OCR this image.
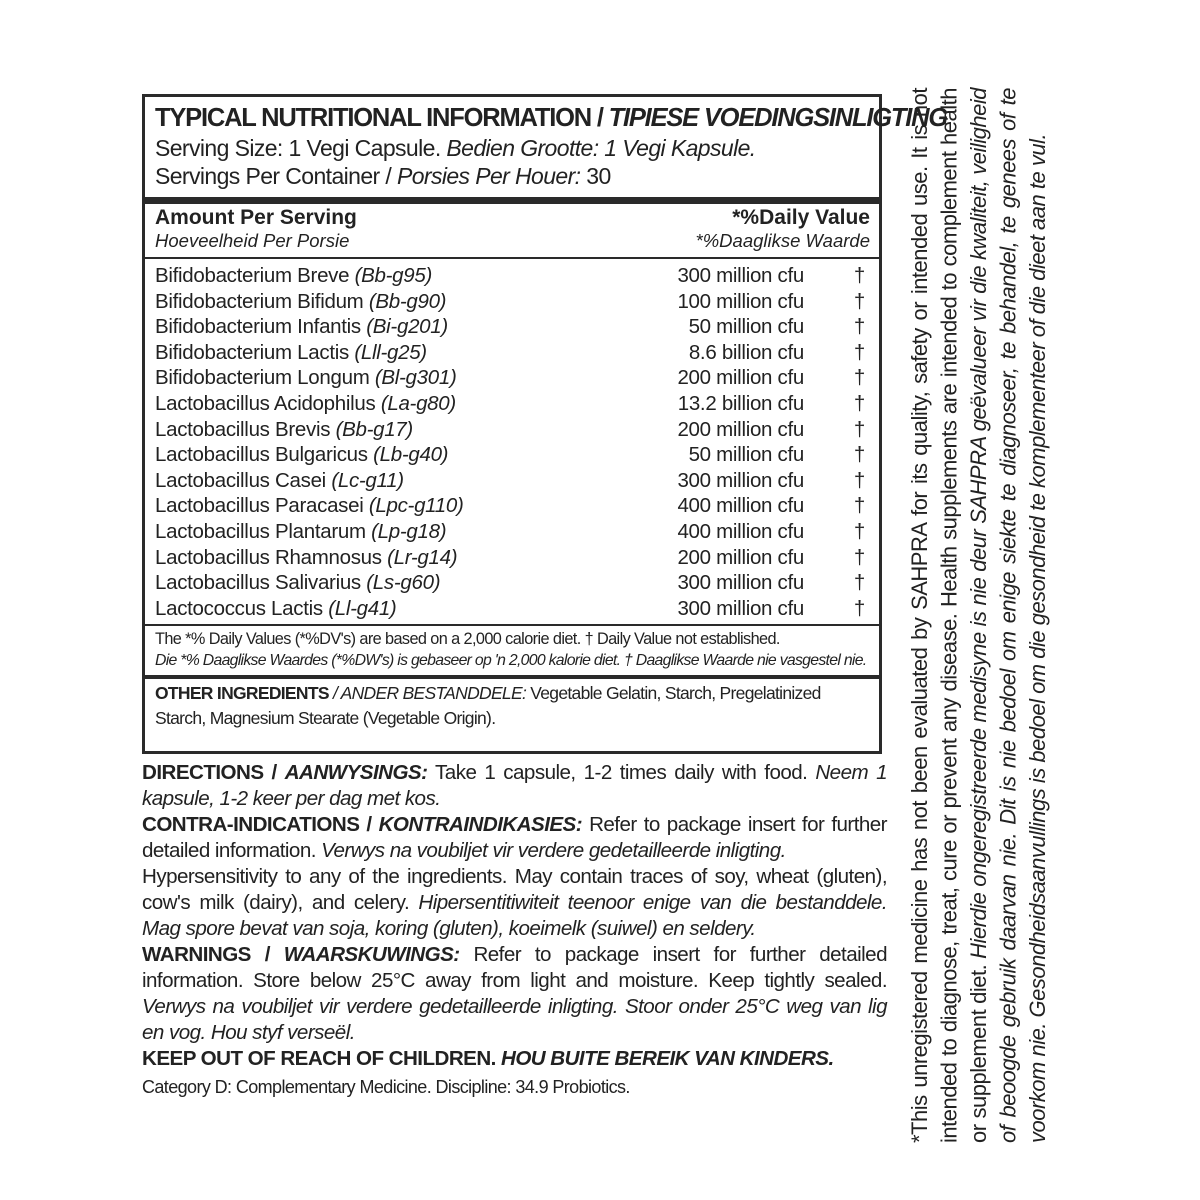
TYPICAL NUTRITIONAL INFORMATION / TIPIESE VOEDINGSINLIGTING
Serving Size: 1 Vegi Capsule. Bedien Grootte: 1 Vegi Kapsule.
Servings Per Container / Porsies Per Houer: 30
Amount Per Serving	*%Daily Value
Hoeveelheid Per Porsie	*%Daaglikse Waarde
Bifidobacterium Breve (Bb-g95)	300 million cfu †
Bifidobacterium Bifidum (Bb-g90)	100 million cfu †
Bifidobacterium Infantis (Bi-g201)	50 million cfu †
Bifidobacterium Lactis (Lll-g25)	8.6 billion cfu †
Bifidobacterium Longum (Bl-g301)	200 million cfu †
Lactobacillus Acidophilus (La-g80)	13.2 billion cfu †
Lactobacillus Brevis (Bb-g17)	200 million cfu †
Lactobacillus Bulgaricus (Lb-g40)	50 million cfu †
Lactobacillus Casei (Lc-g11)	300 million cfu †
Lactobacillus Paracasei (Lpc-g110)	400 million cfu †
Lactobacillus Plantarum (Lp-g18)	400 million cfu †
Lactobacillus Rhamnosus (Lr-g14)	200 million cfu †
Lactobacillus Salivarius (Ls-g60)	300 million cfu †
Lactococcus Lactis (Ll-g41)	300 million cfu †
The *% Daily Values (*%DV's) are based on a 2,000 calorie diet. † Daily Value not established.
Die *% Daaglikse Waardes (*%DW's) is gebaseer op 'n 2,000 kalorie diet. † Daaglikse Waarde nie vasgestel nie.
OTHER INGREDIENTS / ANDER BESTANDDELE: Vegetable Gelatin, Starch, Pregelatinized Starch, Magnesium Stearate (Vegetable Origin).

DIRECTIONS / AANWYSINGS: Take 1 capsule, 1-2 times daily with food. Neem 1 kapsule, 1-2 keer per dag met kos.

CONTRA-INDICATIONS / KONTRAINDIKASIES: Refer to package insert for further detailed information. Verwys na voubiljet vir verdere gedetailleerde inligting.

Hypersensitivity to any of the ingredients. May contain traces of soy, wheat (gluten), cow's milk (dairy), and celery. Hipersentitiwiteit teenoor enige van die bestanddele. Mag spore bevat van soja, koring (gluten), koeimelk (suiwel) en seldery.

WARNINGS / WAARSKUWINGS: Refer to package insert for further detailed information. Store below 25°C away from light and moisture. Keep tightly sealed. Verwys na voubiljet vir verdere gedetailleerde inligting. Stoor onder 25°C weg van lig en vog. Hou styf verseël.

KEEP OUT OF REACH OF CHILDREN. HOU BUITE BEREIK VAN KINDERS.

Category D: Complementary Medicine. Discipline: 34.9 Probiotics.	*This unregistered medicine has not been evaluated by SAHPRA for its quality, safety or intended use. It is not intended to diagnose, treat, cure or prevent any disease. Health supplements are intended to complement health or supplement diet. Hierdie ongeregistreerde medisyne is nie deur SAHPRA geëvalueer vir die kwaliteit, veiligheid of beoogde gebruik daarvan nie. Dit is nie bedoel om enige siekte te diagnoseer, te behandel, te genees of te voorkom nie. Gesondheidsaanvullings is bedoel om die gesondheid te komplementeer of die dieet aan te vul.
